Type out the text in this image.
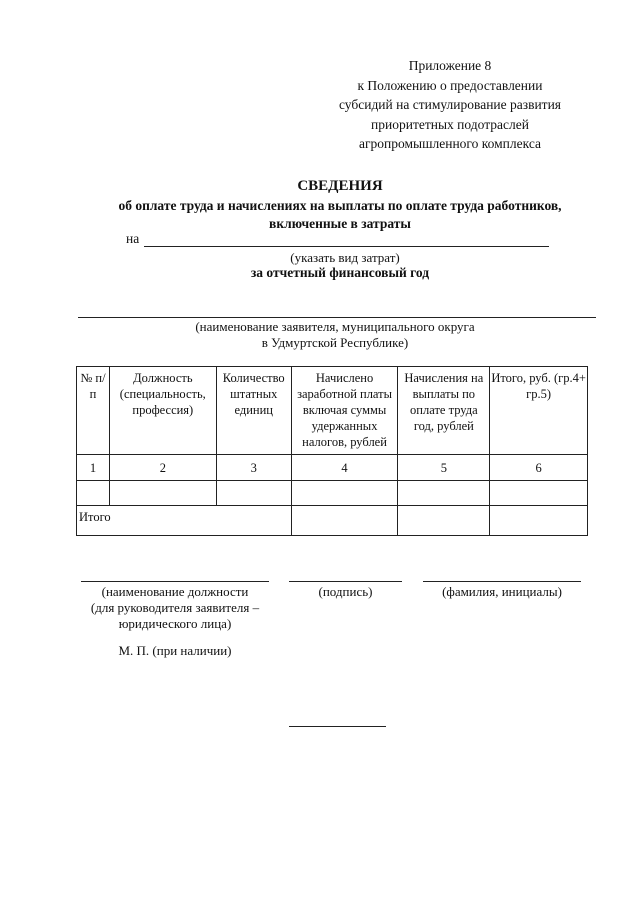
Приложение 8
к Положению о предоставлении
субсидий на стимулирование развития
приоритетных подотраслей
агропромышленного комплекса
СВЕДЕНИЯ
об оплате труда и начислениях на выплаты по оплате труда работников,
включенные в затраты
на
(указать вид затрат)
за отчетный финансовый год
(наименование заявителя, муниципального округа
в Удмуртской Республике)
№ п/п	Должность (специальность, профессия)	Количество штатных единиц	Начислено заработной платы включая суммы удержанных налогов, рублей	Начисления на выплаты по оплате труда год, рублей	Итого, руб. (гр.4+ гр.5)
1	2	3	4	5	6

Итого					
(наименование должности
(для руководителя заявителя –
юридического лица)
(подпись)	(фамилия, инициалы)
М. П. (при наличии)
